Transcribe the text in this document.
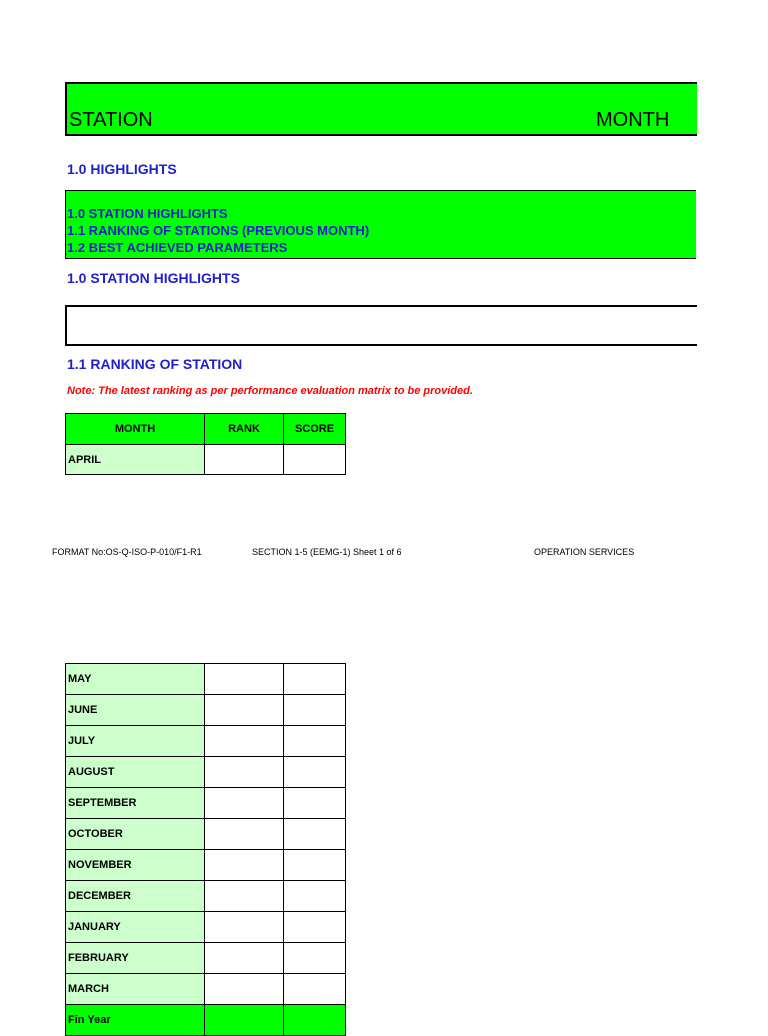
STATION	MONTH
1.0 HIGHLIGHTS
1.0 STATION HIGHLIGHTS
1.1 RANKING OF STATIONS (PREVIOUS MONTH)
1.2 BEST ACHIEVED PARAMETERS
1.0 STATION HIGHLIGHTS
1.1 RANKING OF STATION
Note: The latest ranking as per performance evaluation matrix to be provided.
MONTH	RANK	SCORE
APRIL		
FORMAT No:OS-Q-ISO-P-010/F1-R1	SECTION 1-5 (EEMG-1) Sheet 1 of 6	OPERATION SERVICES
MAY		
JUNE		
JULY		
AUGUST		
SEPTEMBER		
OCTOBER		
NOVEMBER		
DECEMBER		
JANUARY		
FEBRUARY		
MARCH		
Fin Year		
